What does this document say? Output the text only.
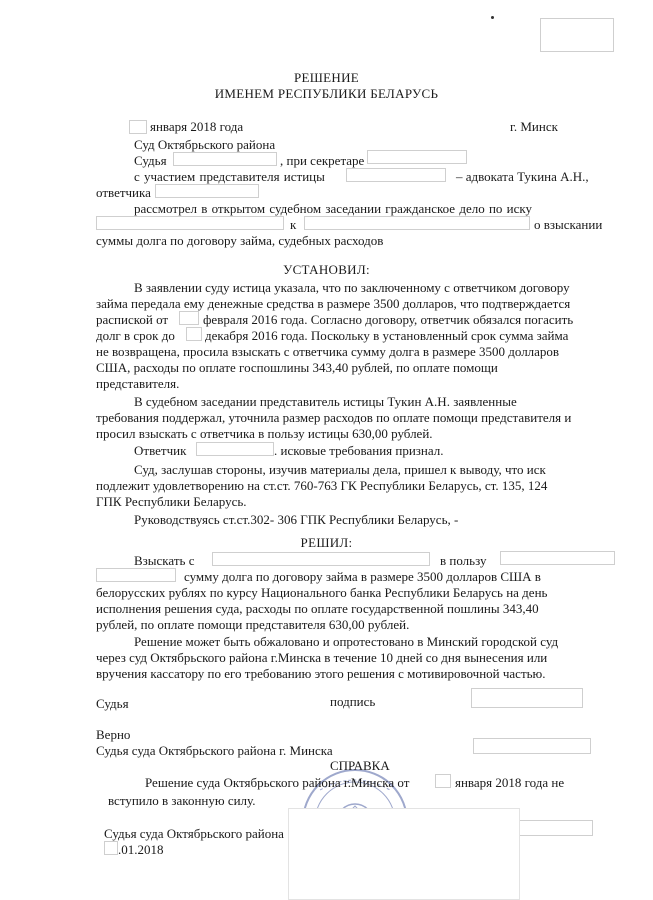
РЕШЕНИЕ
ИМЕНЕМ РЕСПУБЛИКИ БЕЛАРУСЬ
января 2018 года	г. Минск
Суд Октябрьского района
Судья	, при секретаре
с участием представителя истицы	– адвоката Тукина А.Н.,
ответчика
рассмотрел в открытом судебном заседании гражданское дело по иску
к	о взыскании
суммы долга по договору займа, судебных расходов
УСТАНОВИЛ:
В заявлении суду истица указала, что по заключенному с ответчиком договору
займа передала ему денежные средства в размере 3500 долларов, что подтверждается
распиской от	февраля 2016 года. Согласно договору, ответчик обязался погасить
долг в срок до декабря 2016 года. Поскольку в установленный срок сумма займа
не возвращена, просила взыскать с ответчика сумму долга в размере 3500 долларов
США, расходы по оплате госпошлины 343,40 рублей, по оплате помощи
представителя.
В судебном заседании представитель истицы Тукин А.Н. заявленные
требования поддержал, уточнила размер расходов по оплате помощи представителя и
просил взыскать с ответчика в пользу истицы 630,00 рублей.
Ответчик	. исковые требования признал.
Суд, заслушав стороны, изучив материалы дела, пришел к выводу, что иск
подлежит удовлетворению на ст.ст. 760-763 ГК Республики Беларусь, ст. 135, 124
ГПК Республики Беларусь.
Руководствуясь ст.ст.302- 306 ГПК Республики Беларусь, -
РЕШИЛ:
Взыскать с	в пользу
сумму долга по договору займа в размере 3500 долларов США в
белорусских рублях по курсу Национального банка Республики Беларусь на день
исполнения решения суда, расходы по оплате государственной пошлины 343,40
рублей, по оплате помощи представителя 630,00 рублей.
Решение может быть обжаловано и опротестовано в Минский городской суд
через суд Октябрьского района г.Минска в течение 10 дней со дня вынесения или
вручения кассатору по его требованию этого решения с мотивировочной частью.
Судья	подпись
Верно
Судья суда Октябрьского района г. Минска
СПРАВКА
Решение суда Октябрьского района г.Минска от	января 2018 года не
вступило в законную силу.
Судья суда Октябрьского района
.01.2018
